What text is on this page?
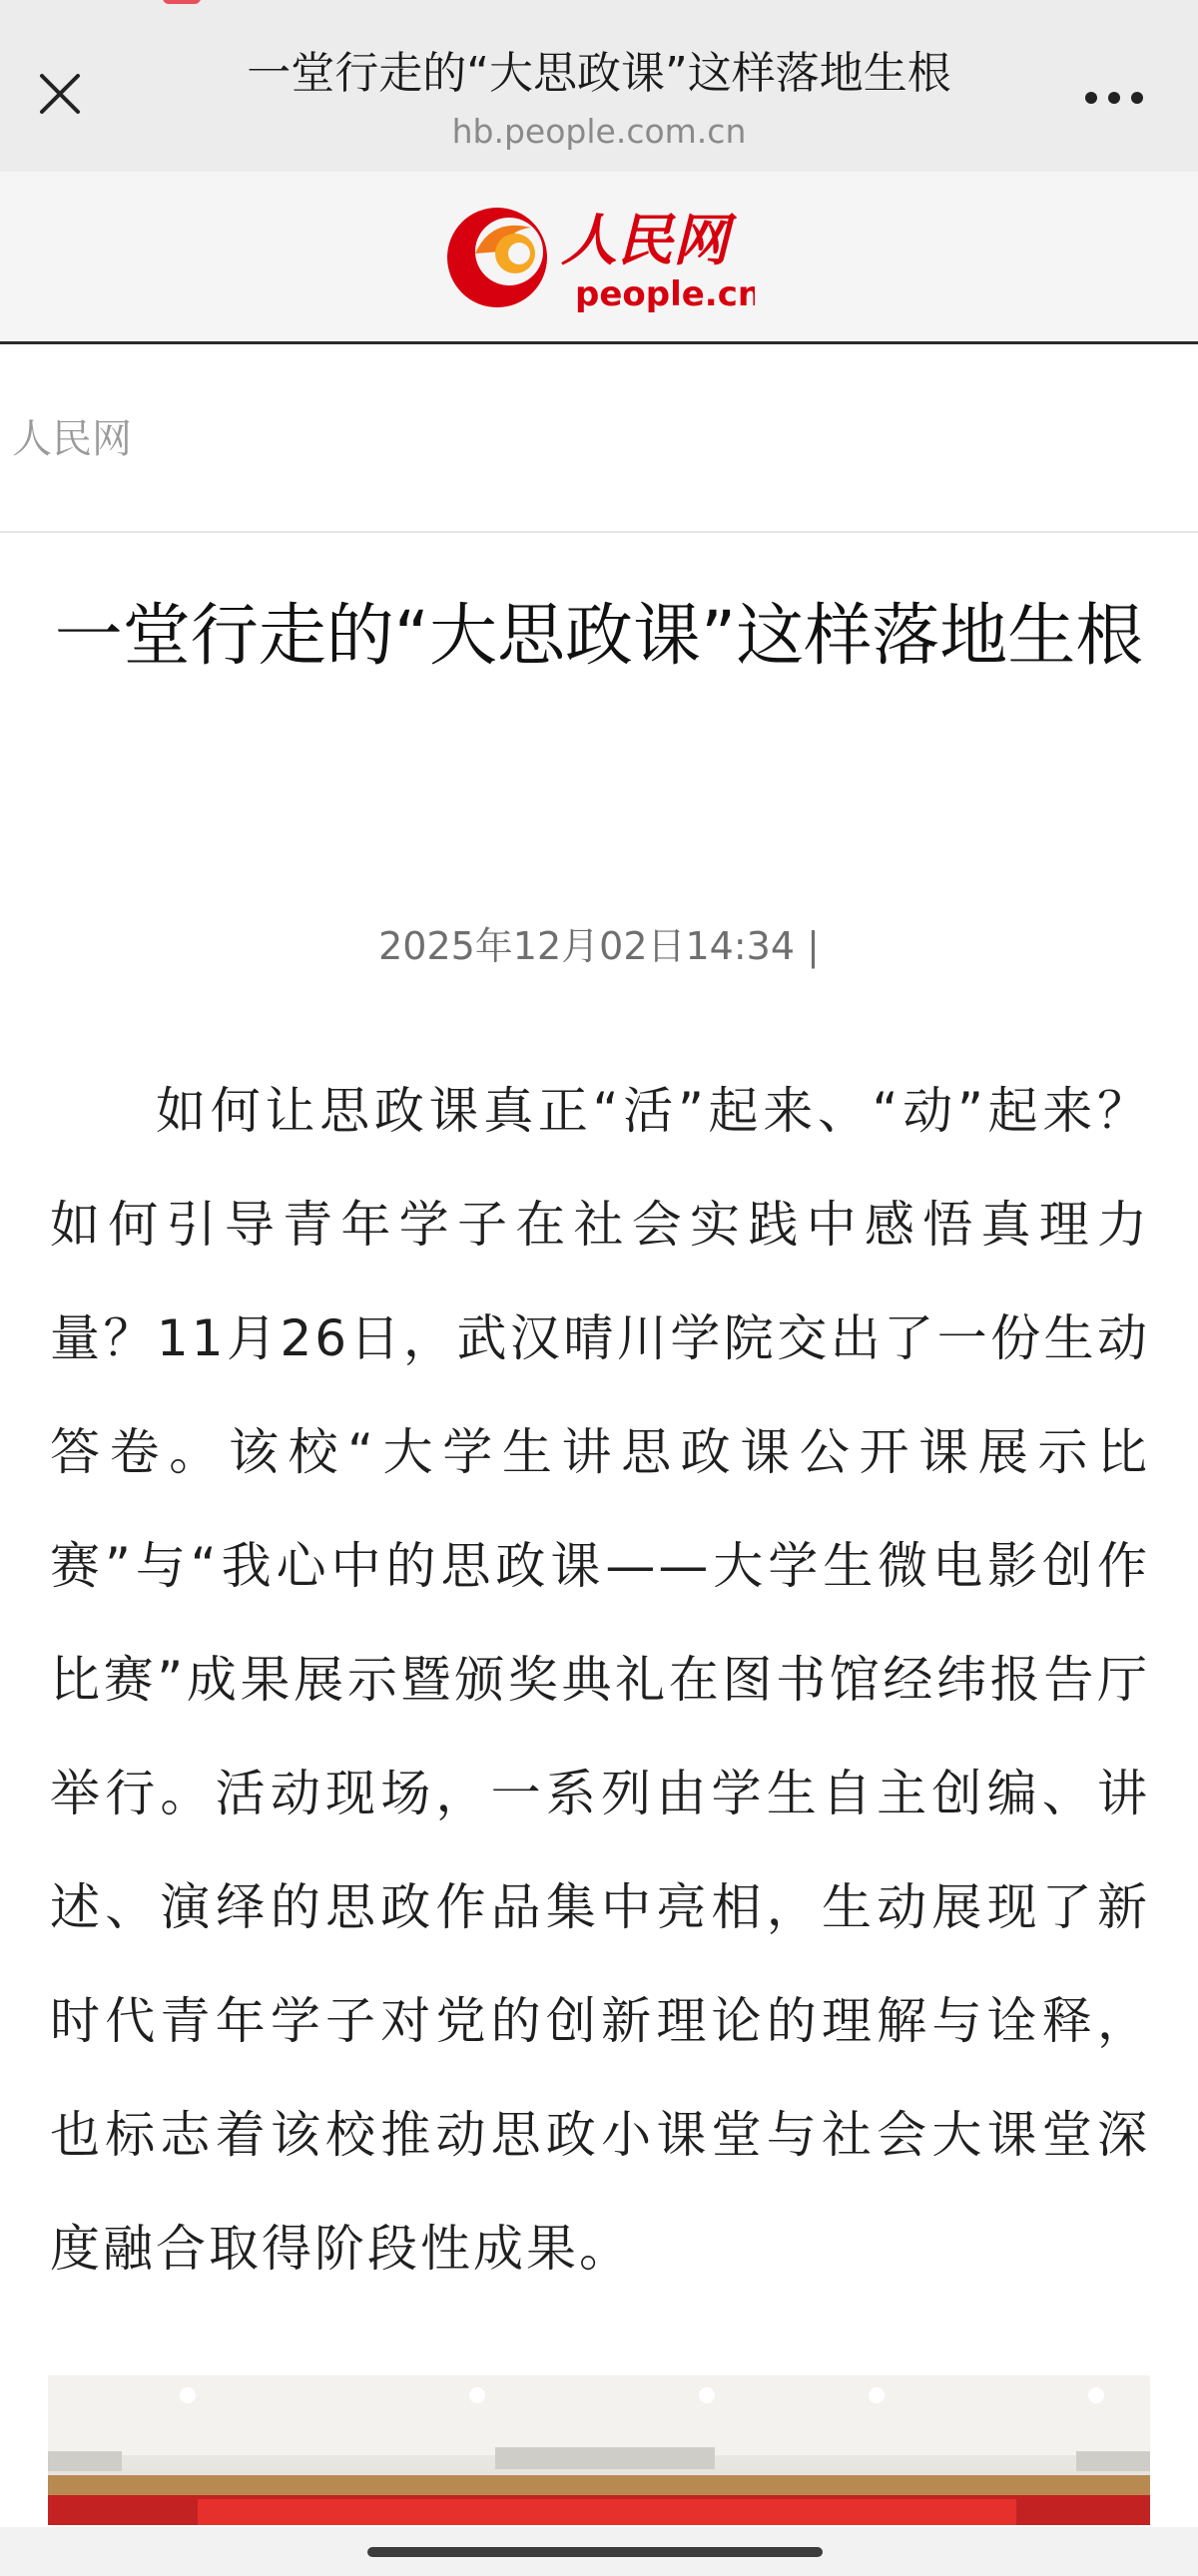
一堂行走的“大思政课”这样落地生根
hb.people.com.cn
人民网
people.cn
人民网
一堂行走的“大思政课”这样落地生根
2025年12月02日14:34 |

如何让思政课真正“活”起来、“动”起来？如何引导青年学子在社会实践中感悟真理力量？11月26日，武汉晴川学院交出了一份生动答卷。该校“大学生讲思政课公开课展示比赛”与“我心中的思政课——大学生微电影创作比赛”成果展示暨颁奖典礼在图书馆经纬报告厅举行。活动现场，一系列由学生自主创编、讲述、演绎的思政作品集中亮相，生动展现了新时代青年学子对党的创新理论的理解与诠释，也标志着该校推动思政小课堂与社会大课堂深度融合取得阶段性成果。
